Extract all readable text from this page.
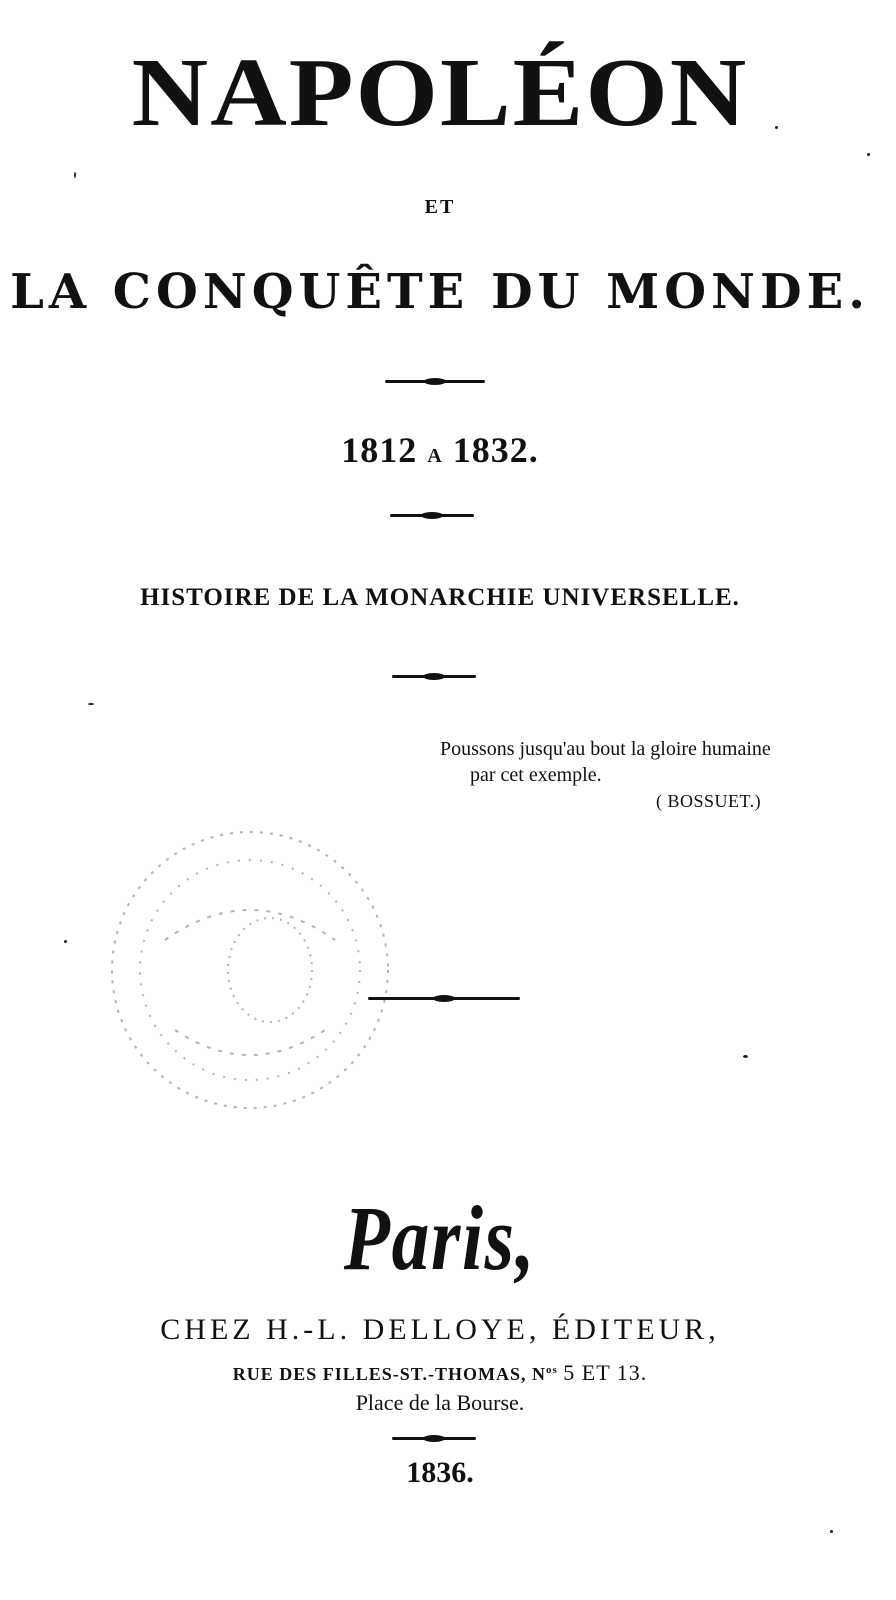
NAPOLÉON
ET
LA CONQUÊTE DU MONDE.
1812 A 1832.
HISTOIRE DE LA MONARCHIE UNIVERSELLE.
Poussons jusqu'au bout la gloire humaine
par cet exemple.
( BOSSUET.)
Paris,
CHEZ H.-L. DELLOYE, ÉDITEUR,
RUE DES FILLES-ST.-THOMAS, $N^{os}$ 5 ET 13.
Place de la Bourse.
1836.
